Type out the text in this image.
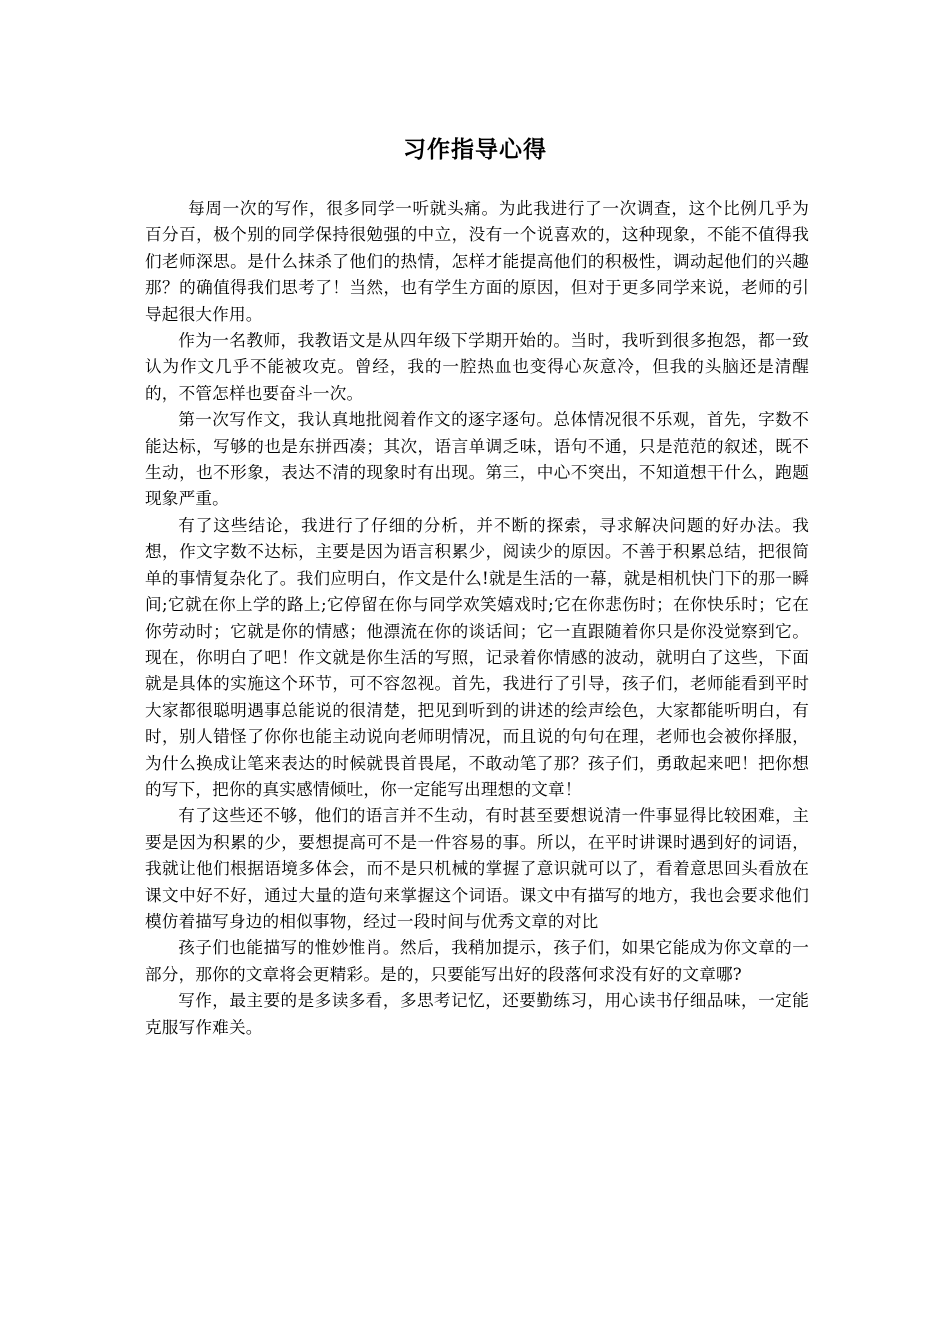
习作指导心得

每周一次的写作，很多同学一听就头痛。为此我进行了一次调查，这个比例几乎为百分百，极个别的同学保持很勉强的中立，没有一个说喜欢的，这种现象，不能不值得我们老师深思。是什么抹杀了他们的热情，怎样才能提高他们的积极性，调动起他们的兴趣那？的确值得我们思考了！当然，也有学生方面的原因，但对于更多同学来说，老师的引导起很大作用。

作为一名教师，我教语文是从四年级下学期开始的。当时，我听到很多抱怨，都一致认为作文几乎不能被攻克。曾经，我的一腔热血也变得心灰意冷，但我的头脑还是清醒的，不管怎样也要奋斗一次。

第一次写作文，我认真地批阅着作文的逐字逐句。总体情况很不乐观，首先，字数不能达标，写够的也是东拼西凑；其次，语言单调乏味，语句不通，只是范范的叙述，既不生动，也不形象，表达不清的现象时有出现。第三，中心不突出，不知道想干什么，跑题现象严重。

有了这些结论，我进行了仔细的分析，并不断的探索，寻求解决问题的好办法。我想，作文字数不达标，主要是因为语言积累少，阅读少的原因。不善于积累总结，把很简单的事情复杂化了。我们应明白，作文是什么!就是生活的一幕，就是相机快门下的那一瞬间;它就在你上学的路上;它停留在你与同学欢笑嬉戏时;它在你悲伤时；在你快乐时；它在你劳动时；它就是你的情感；他漂流在你的谈话间；它一直跟随着你只是你没觉察到它。现在，你明白了吧！作文就是你生活的写照，记录着你情感的波动，就明白了这些，下面就是具体的实施这个环节，可不容忽视。首先，我进行了引导，孩子们，老师能看到平时大家都很聪明遇事总能说的很清楚，把见到听到的讲述的绘声绘色，大家都能听明白，有时，别人错怪了你你也能主动说向老师明情况，而且说的句句在理，老师也会被你择服，为什么换成让笔来表达的时候就畏首畏尾，不敢动笔了那？孩子们，勇敢起来吧！把你想的写下，把你的真实感情倾吐，你一定能写出理想的文章！

有了这些还不够，他们的语言并不生动，有时甚至要想说清一件事显得比较困难，主要是因为积累的少，要想提高可不是一件容易的事。所以，在平时讲课时遇到好的词语，我就让他们根据语境多体会，而不是只机械的掌握了意识就可以了，看着意思回头看放在课文中好不好，通过大量的造句来掌握这个词语。课文中有描写的地方，我也会要求他们模仿着描写身边的相似事物，经过一段时间与优秀文章的对比

孩子们也能描写的惟妙惟肖。然后，我稍加提示，孩子们，如果它能成为你文章的一部分，那你的文章将会更精彩。是的，只要能写出好的段落何求没有好的文章哪?

写作，最主要的是多读多看，多思考记忆，还要勤练习，用心读书仔细品味，一定能克服写作难关。
